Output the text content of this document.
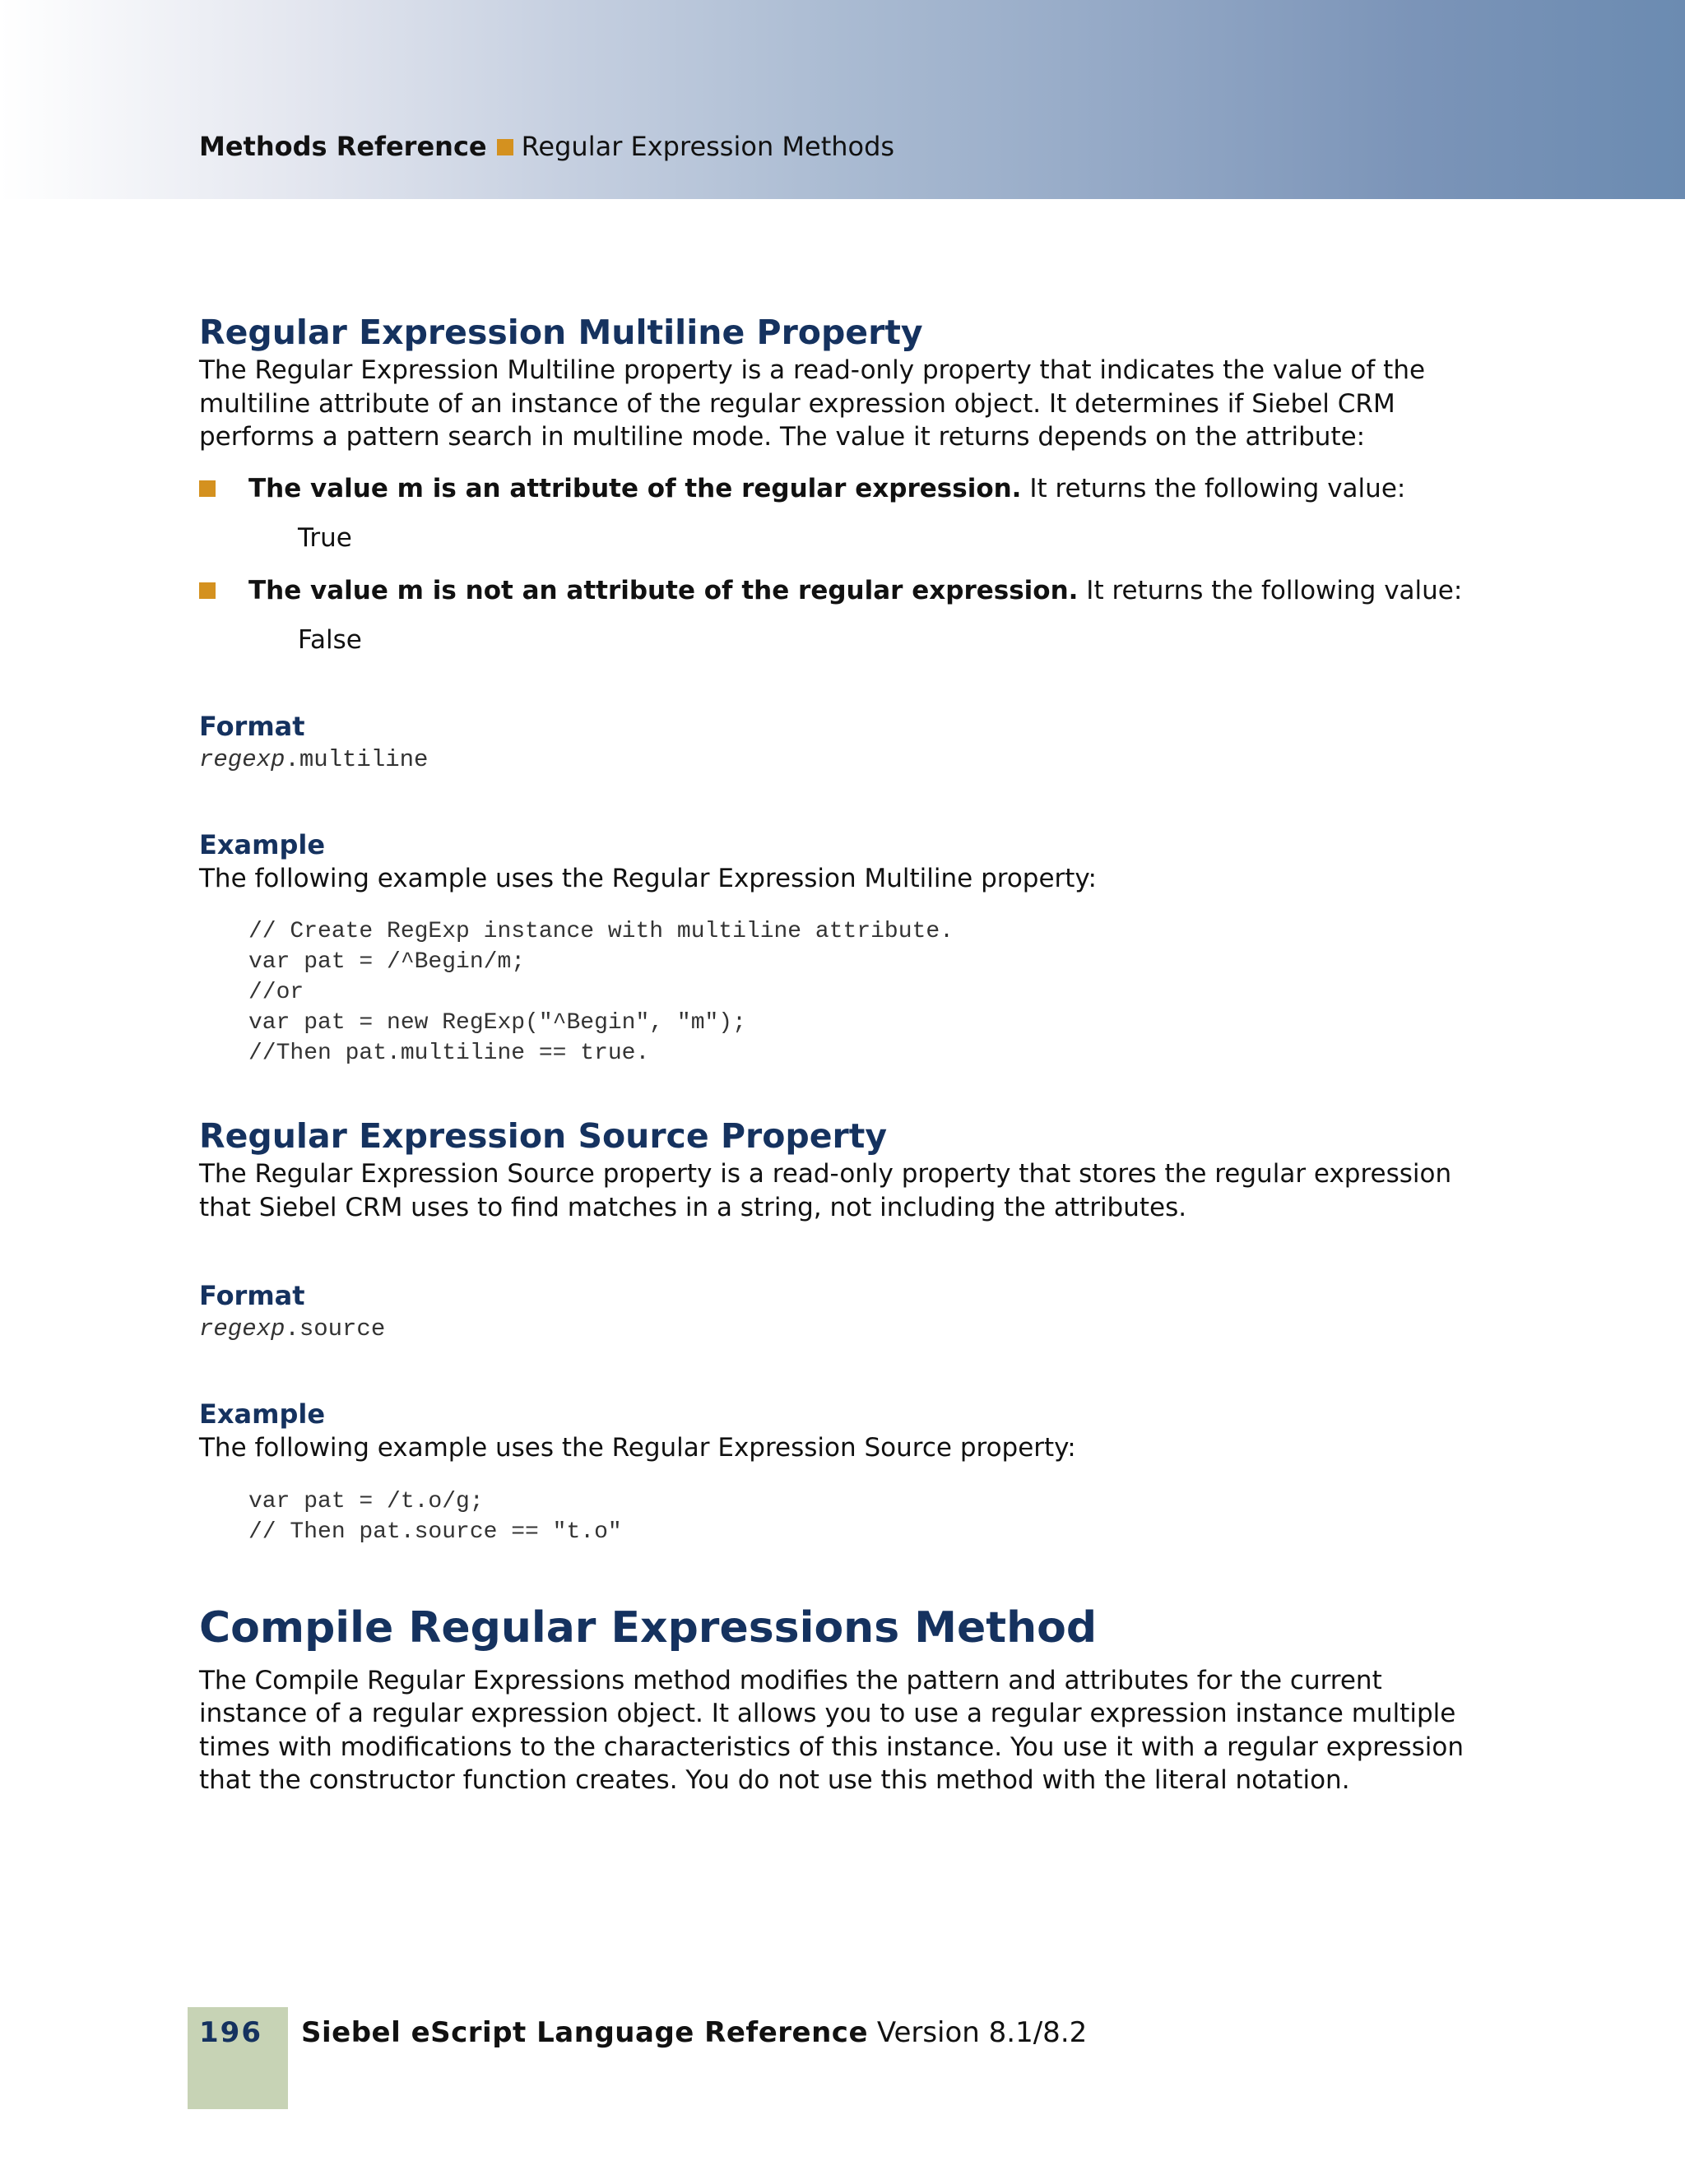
Methods Reference Regular Expression Methods
Regular Expression Multiline Property

The Regular Expression Multiline property is a read-only property that indicates the value of the multiline attribute of an instance of the regular expression object. It determines if Siebel CRM performs a pattern search in multiline mode. The value it returns depends on the attribute:

The value m is an attribute of the regular expression. It returns the following value:

True

The value m is not an attribute of the regular expression. It returns the following value:

False

Format

regexp.multiline

Example

The following example uses the Regular Expression Multiline property:

// Create RegExp instance with multiline attribute.
var pat = /^Begin/m;
//or
var pat = new RegExp("^Begin", "m");
//Then pat.multiline == true.
Regular Expression Source Property

The Regular Expression Source property is a read-only property that stores the regular expression that Siebel CRM uses to find matches in a string, not including the attributes.

Format

regexp.source

Example

The following example uses the Regular Expression Source property:

var pat = /t.o/g;
// Then pat.source == "t.o"
Compile Regular Expressions Method

The Compile Regular Expressions method modifies the pattern and attributes for the current instance of a regular expression object. It allows you to use a regular expression instance multiple times with modifications to the characteristics of this instance. You use it with a regular expression that the constructor function creates. You do not use this method with the literal notation.

196 Siebel eScript Language Reference Version 8.1/8.2
